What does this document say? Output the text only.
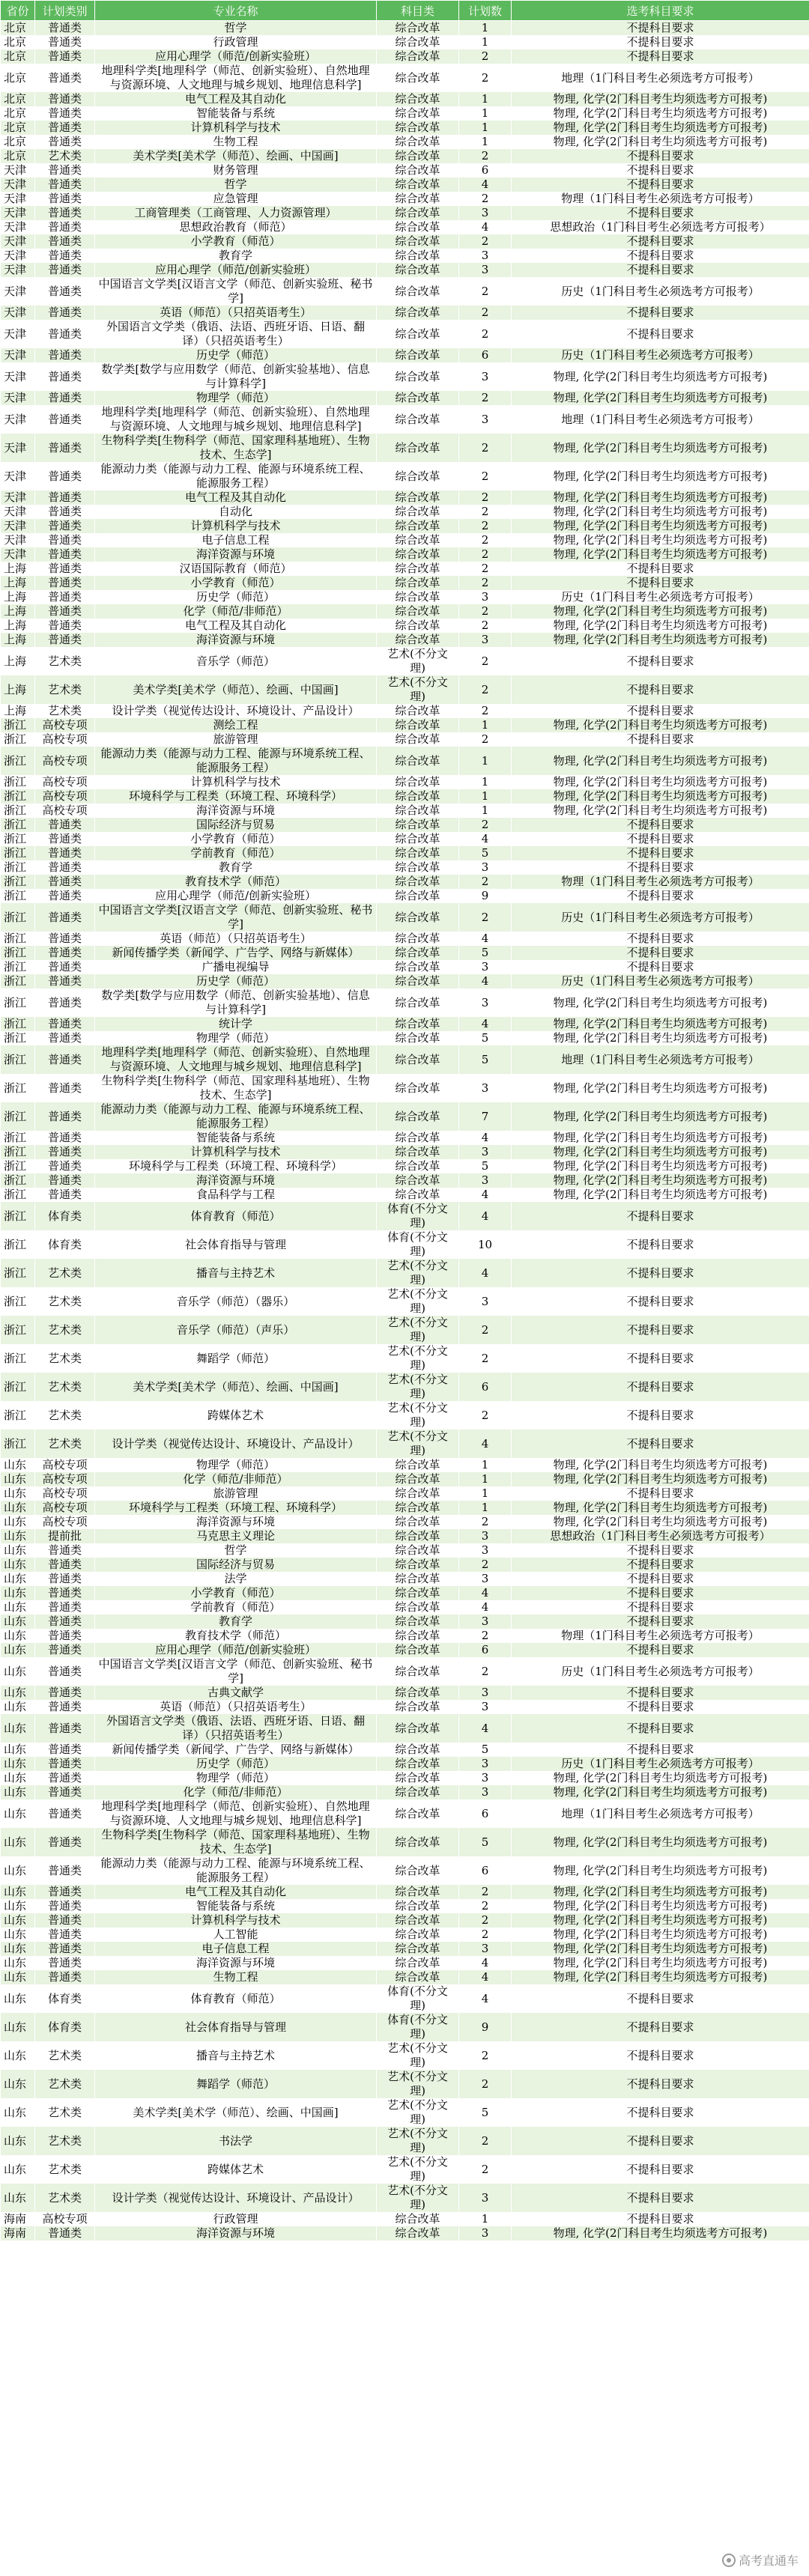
省份	计划类别	专业名称	科目类	计划数	选考科目要求
北京	普通类	哲学	综合改革	1	不提科目要求
北京	普通类	行政管理	综合改革	1	不提科目要求
北京	普通类	应用心理学（师范/创新实验班）	综合改革	2	不提科目要求
北京	普通类	地理科学类[地理科学（师范、创新实验班）、自然地理与资源环境、人文地理与城乡规划、地理信息科学]	综合改革	2	地理（1门科目考生必须选考方可报考）
北京	普通类	电气工程及其自动化	综合改革	1	物理, 化学(2门科目考生均须选考方可报考)
北京	普通类	智能装备与系统	综合改革	1	物理, 化学(2门科目考生均须选考方可报考)
北京	普通类	计算机科学与技术	综合改革	1	物理, 化学(2门科目考生均须选考方可报考)
北京	普通类	生物工程	综合改革	1	物理, 化学(2门科目考生均须选考方可报考)
北京	艺术类	美术学类[美术学（师范）、绘画、中国画]	综合改革	2	不提科目要求
天津	普通类	财务管理	综合改革	6	不提科目要求
天津	普通类	哲学	综合改革	4	不提科目要求
天津	普通类	应急管理	综合改革	2	物理（1门科目考生必须选考方可报考）
天津	普通类	工商管理类（工商管理、人力资源管理）	综合改革	3	不提科目要求
天津	普通类	思想政治教育（师范）	综合改革	4	思想政治（1门科目考生必须选考方可报考）
天津	普通类	小学教育（师范）	综合改革	2	不提科目要求
天津	普通类	教育学	综合改革	3	不提科目要求
天津	普通类	应用心理学（师范/创新实验班）	综合改革	3	不提科目要求
天津	普通类	中国语言文学类[汉语言文学（师范、创新实验班、秘书学]	综合改革	2	历史（1门科目考生必须选考方可报考）
天津	普通类	英语（师范）（只招英语考生）	综合改革	2	不提科目要求
天津	普通类	外国语言文学类（俄语、法语、西班牙语、日语、翻译）（只招英语考生）	综合改革	2	不提科目要求
天津	普通类	历史学（师范）	综合改革	6	历史（1门科目考生必须选考方可报考）
天津	普通类	数学类[数学与应用数学（师范、创新实验基地）、信息与计算科学]	综合改革	3	物理, 化学(2门科目考生均须选考方可报考)
天津	普通类	物理学（师范）	综合改革	2	物理, 化学(2门科目考生均须选考方可报考)
天津	普通类	地理科学类[地理科学（师范、创新实验班）、自然地理与资源环境、人文地理与城乡规划、地理信息科学]	综合改革	3	地理（1门科目考生必须选考方可报考）
天津	普通类	生物科学类[生物科学（师范、国家理科基地班）、生物技术、生态学]	综合改革	2	物理, 化学(2门科目考生均须选考方可报考)
天津	普通类	能源动力类（能源与动力工程、能源与环境系统工程、能源服务工程）	综合改革	2	物理, 化学(2门科目考生均须选考方可报考)
天津	普通类	电气工程及其自动化	综合改革	2	物理, 化学(2门科目考生均须选考方可报考)
天津	普通类	自动化	综合改革	2	物理, 化学(2门科目考生均须选考方可报考)
天津	普通类	计算机科学与技术	综合改革	2	物理, 化学(2门科目考生均须选考方可报考)
天津	普通类	电子信息工程	综合改革	2	物理, 化学(2门科目考生均须选考方可报考)
天津	普通类	海洋资源与环境	综合改革	2	物理, 化学(2门科目考生均须选考方可报考)
上海	普通类	汉语国际教育（师范）	综合改革	2	不提科目要求
上海	普通类	小学教育（师范）	综合改革	2	不提科目要求
上海	普通类	历史学（师范）	综合改革	3	历史（1门科目考生必须选考方可报考）
上海	普通类	化学（师范/非师范）	综合改革	2	物理, 化学(2门科目考生均须选考方可报考)
上海	普通类	电气工程及其自动化	综合改革	2	物理, 化学(2门科目考生均须选考方可报考)
上海	普通类	海洋资源与环境	综合改革	3	物理, 化学(2门科目考生均须选考方可报考)
上海	艺术类	音乐学（师范）	艺术(不分文理)	2	不提科目要求
上海	艺术类	美术学类[美术学（师范）、绘画、中国画]	艺术(不分文理)	2	不提科目要求
上海	艺术类	设计学类（视觉传达设计、环境设计、产品设计）	综合改革	2	不提科目要求
浙江	高校专项	测绘工程	综合改革	1	物理, 化学(2门科目考生均须选考方可报考)
浙江	高校专项	旅游管理	综合改革	2	不提科目要求
浙江	高校专项	能源动力类（能源与动力工程、能源与环境系统工程、能源服务工程）	综合改革	1	物理, 化学(2门科目考生均须选考方可报考)
浙江	高校专项	计算机科学与技术	综合改革	1	物理, 化学(2门科目考生均须选考方可报考)
浙江	高校专项	环境科学与工程类（环境工程、环境科学）	综合改革	1	物理, 化学(2门科目考生均须选考方可报考)
浙江	高校专项	海洋资源与环境	综合改革	1	物理, 化学(2门科目考生均须选考方可报考)
浙江	普通类	国际经济与贸易	综合改革	2	不提科目要求
浙江	普通类	小学教育（师范）	综合改革	4	不提科目要求
浙江	普通类	学前教育（师范）	综合改革	5	不提科目要求
浙江	普通类	教育学	综合改革	3	不提科目要求
浙江	普通类	教育技术学（师范）	综合改革	2	物理（1门科目考生必须选考方可报考）
浙江	普通类	应用心理学（师范/创新实验班）	综合改革	9	不提科目要求
浙江	普通类	中国语言文学类[汉语言文学（师范、创新实验班、秘书学]	综合改革	2	历史（1门科目考生必须选考方可报考）
浙江	普通类	英语（师范）（只招英语考生）	综合改革	4	不提科目要求
浙江	普通类	新闻传播学类（新闻学、广告学、网络与新媒体）	综合改革	5	不提科目要求
浙江	普通类	广播电视编导	综合改革	3	不提科目要求
浙江	普通类	历史学（师范）	综合改革	4	历史（1门科目考生必须选考方可报考）
浙江	普通类	数学类[数学与应用数学（师范、创新实验基地）、信息与计算科学]	综合改革	3	物理, 化学(2门科目考生均须选考方可报考)
浙江	普通类	统计学	综合改革	4	物理, 化学(2门科目考生均须选考方可报考)
浙江	普通类	物理学（师范）	综合改革	5	物理, 化学(2门科目考生均须选考方可报考)
浙江	普通类	地理科学类[地理科学（师范、创新实验班）、自然地理与资源环境、人文地理与城乡规划、地理信息科学]	综合改革	5	地理（1门科目考生必须选考方可报考）
浙江	普通类	生物科学类[生物科学（师范、国家理科基地班）、生物技术、生态学]	综合改革	3	物理, 化学(2门科目考生均须选考方可报考)
浙江	普通类	能源动力类（能源与动力工程、能源与环境系统工程、能源服务工程）	综合改革	7	物理, 化学(2门科目考生均须选考方可报考)
浙江	普通类	智能装备与系统	综合改革	4	物理, 化学(2门科目考生均须选考方可报考)
浙江	普通类	计算机科学与技术	综合改革	3	物理, 化学(2门科目考生均须选考方可报考)
浙江	普通类	环境科学与工程类（环境工程、环境科学）	综合改革	5	物理, 化学(2门科目考生均须选考方可报考)
浙江	普通类	海洋资源与环境	综合改革	3	物理, 化学(2门科目考生均须选考方可报考)
浙江	普通类	食品科学与工程	综合改革	4	物理, 化学(2门科目考生均须选考方可报考)
浙江	体育类	体育教育（师范）	体育(不分文理)	4	不提科目要求
浙江	体育类	社会体育指导与管理	体育(不分文理)	10	不提科目要求
浙江	艺术类	播音与主持艺术	艺术(不分文理)	4	不提科目要求
浙江	艺术类	音乐学（师范）（器乐）	艺术(不分文理)	3	不提科目要求
浙江	艺术类	音乐学（师范）（声乐）	艺术(不分文理)	2	不提科目要求
浙江	艺术类	舞蹈学（师范）	艺术(不分文理)	2	不提科目要求
浙江	艺术类	美术学类[美术学（师范）、绘画、中国画]	艺术(不分文理)	6	不提科目要求
浙江	艺术类	跨媒体艺术	艺术(不分文理)	2	不提科目要求
浙江	艺术类	设计学类（视觉传达设计、环境设计、产品设计）	艺术(不分文理)	4	不提科目要求
山东	高校专项	物理学（师范）	综合改革	1	物理, 化学(2门科目考生均须选考方可报考)
山东	高校专项	化学（师范/非师范）	综合改革	1	物理, 化学(2门科目考生均须选考方可报考)
山东	高校专项	旅游管理	综合改革	1	不提科目要求
山东	高校专项	环境科学与工程类（环境工程、环境科学）	综合改革	1	物理, 化学(2门科目考生均须选考方可报考)
山东	高校专项	海洋资源与环境	综合改革	2	物理, 化学(2门科目考生均须选考方可报考)
山东	提前批	马克思主义理论	综合改革	3	思想政治（1门科目考生必须选考方可报考）
山东	普通类	哲学	综合改革	3	不提科目要求
山东	普通类	国际经济与贸易	综合改革	2	不提科目要求
山东	普通类	法学	综合改革	3	不提科目要求
山东	普通类	小学教育（师范）	综合改革	4	不提科目要求
山东	普通类	学前教育（师范）	综合改革	4	不提科目要求
山东	普通类	教育学	综合改革	3	不提科目要求
山东	普通类	教育技术学（师范）	综合改革	2	物理（1门科目考生必须选考方可报考）
山东	普通类	应用心理学（师范/创新实验班）	综合改革	6	不提科目要求
山东	普通类	中国语言文学类[汉语言文学（师范、创新实验班、秘书学]	综合改革	2	历史（1门科目考生必须选考方可报考）
山东	普通类	古典文献学	综合改革	3	不提科目要求
山东	普通类	英语（师范）（只招英语考生）	综合改革	3	不提科目要求
山东	普通类	外国语言文学类（俄语、法语、西班牙语、日语、翻译）（只招英语考生）	综合改革	4	不提科目要求
山东	普通类	新闻传播学类（新闻学、广告学、网络与新媒体）	综合改革	5	不提科目要求
山东	普通类	历史学（师范）	综合改革	3	历史（1门科目考生必须选考方可报考）
山东	普通类	物理学（师范）	综合改革	3	物理, 化学(2门科目考生均须选考方可报考)
山东	普通类	化学（师范/非师范）	综合改革	3	物理, 化学(2门科目考生均须选考方可报考)
山东	普通类	地理科学类[地理科学（师范、创新实验班）、自然地理与资源环境、人文地理与城乡规划、地理信息科学]	综合改革	6	地理（1门科目考生必须选考方可报考）
山东	普通类	生物科学类[生物科学（师范、国家理科基地班）、生物技术、生态学]	综合改革	5	物理, 化学(2门科目考生均须选考方可报考)
山东	普通类	能源动力类（能源与动力工程、能源与环境系统工程、能源服务工程）	综合改革	6	物理, 化学(2门科目考生均须选考方可报考)
山东	普通类	电气工程及其自动化	综合改革	2	物理, 化学(2门科目考生均须选考方可报考)
山东	普通类	智能装备与系统	综合改革	2	物理, 化学(2门科目考生均须选考方可报考)
山东	普通类	计算机科学与技术	综合改革	2	物理, 化学(2门科目考生均须选考方可报考)
山东	普通类	人工智能	综合改革	2	物理, 化学(2门科目考生均须选考方可报考)
山东	普通类	电子信息工程	综合改革	3	物理, 化学(2门科目考生均须选考方可报考)
山东	普通类	海洋资源与环境	综合改革	4	物理, 化学(2门科目考生均须选考方可报考)
山东	普通类	生物工程	综合改革	4	物理, 化学(2门科目考生均须选考方可报考)
山东	体育类	体育教育（师范）	体育(不分文理)	4	不提科目要求
山东	体育类	社会体育指导与管理	体育(不分文理)	9	不提科目要求
山东	艺术类	播音与主持艺术	艺术(不分文理)	2	不提科目要求
山东	艺术类	舞蹈学（师范）	艺术(不分文理)	2	不提科目要求
山东	艺术类	美术学类[美术学（师范）、绘画、中国画]	艺术(不分文理)	5	不提科目要求
山东	艺术类	书法学	艺术(不分文理)	2	不提科目要求
山东	艺术类	跨媒体艺术	艺术(不分文理)	2	不提科目要求
山东	艺术类	设计学类（视觉传达设计、环境设计、产品设计）	艺术(不分文理)	3	不提科目要求
海南	高校专项	行政管理	综合改革	1	不提科目要求
海南	普通类	海洋资源与环境	综合改革	3	物理, 化学(2门科目考生均须选考方可报考)
高考直通车
